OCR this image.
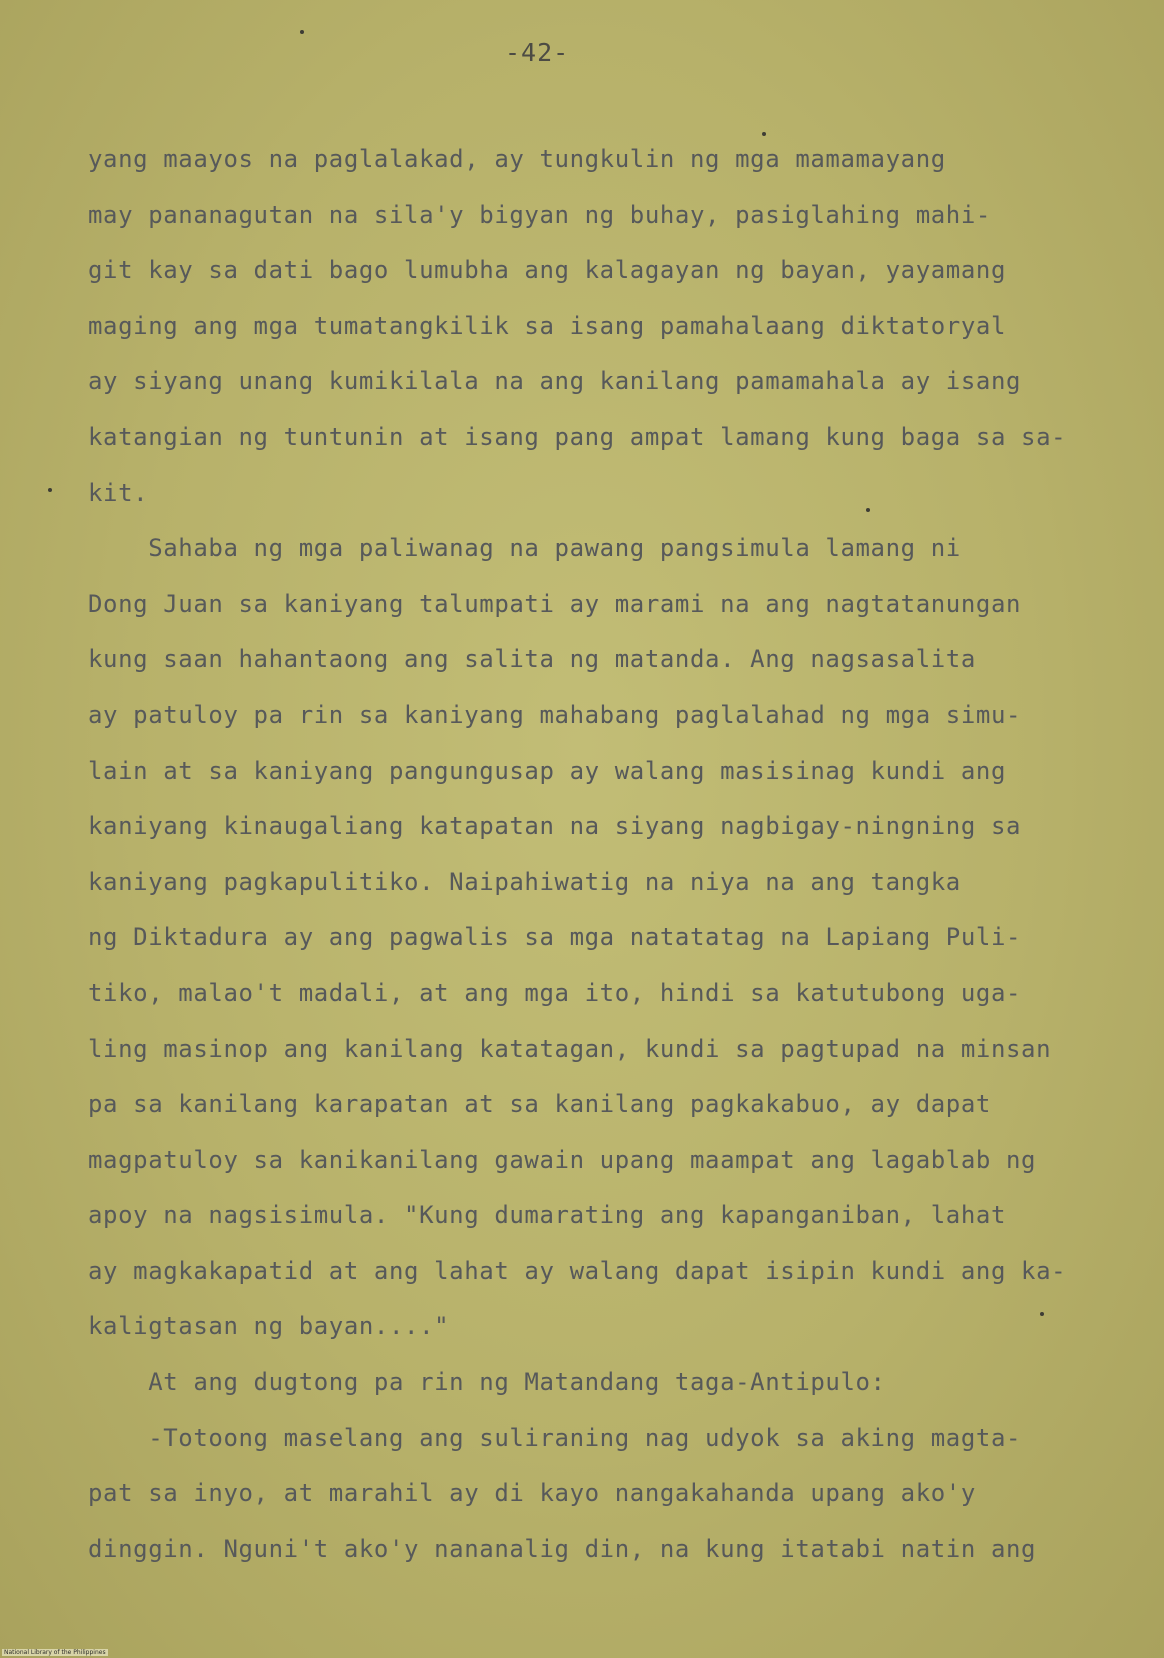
-42-
yang maayos na paglalakad, ay tungkulin ng mga mamamayang
may pananagutan na sila'y bigyan ng buhay, pasiglahing mahi-
git kay sa dati bago lumubha ang kalagayan ng bayan, yayamang
maging ang mga tumatangkilik sa isang pamahalaang diktatoryal
ay siyang unang kumikilala na ang kanilang pamamahala ay isang
katangian ng tuntunin at isang pang ampat lamang kung baga sa sa-
kit.
Sahaba ng mga paliwanag na pawang pangsimula lamang ni
Dong Juan sa kaniyang talumpati ay marami na ang nagtatanungan
kung saan hahantaong ang salita ng matanda. Ang nagsasalita
ay patuloy pa rin sa kaniyang mahabang paglalahad ng mga simu-
lain at sa kaniyang pangungusap ay walang masisinag kundi ang
kaniyang kinaugaliang katapatan na siyang nagbigay-ningning sa
kaniyang pagkapulitiko. Naipahiwatig na niya na ang tangka
ng Diktadura ay ang pagwalis sa mga natatatag na Lapiang Puli-
tiko, malao't madali, at ang mga ito, hindi sa katutubong uga-
ling masinop ang kanilang katatagan, kundi sa pagtupad na minsan
pa sa kanilang karapatan at sa kanilang pagkakabuo, ay dapat
magpatuloy sa kanikanilang gawain upang maampat ang lagablab ng
apoy na nagsisimula. "Kung dumarating ang kapanganiban, lahat
ay magkakapatid at ang lahat ay walang dapat isipin kundi ang ka-
kaligtasan ng bayan...."
At ang dugtong pa rin ng Matandang taga-Antipulo:
-Totoong maselang ang suliraning nag udyok sa aking magta-
pat sa inyo, at marahil ay di kayo nangakahanda upang ako'y
dinggin. Nguni't ako'y nananalig din, na kung itatabi natin ang
National Library of the Philippines
